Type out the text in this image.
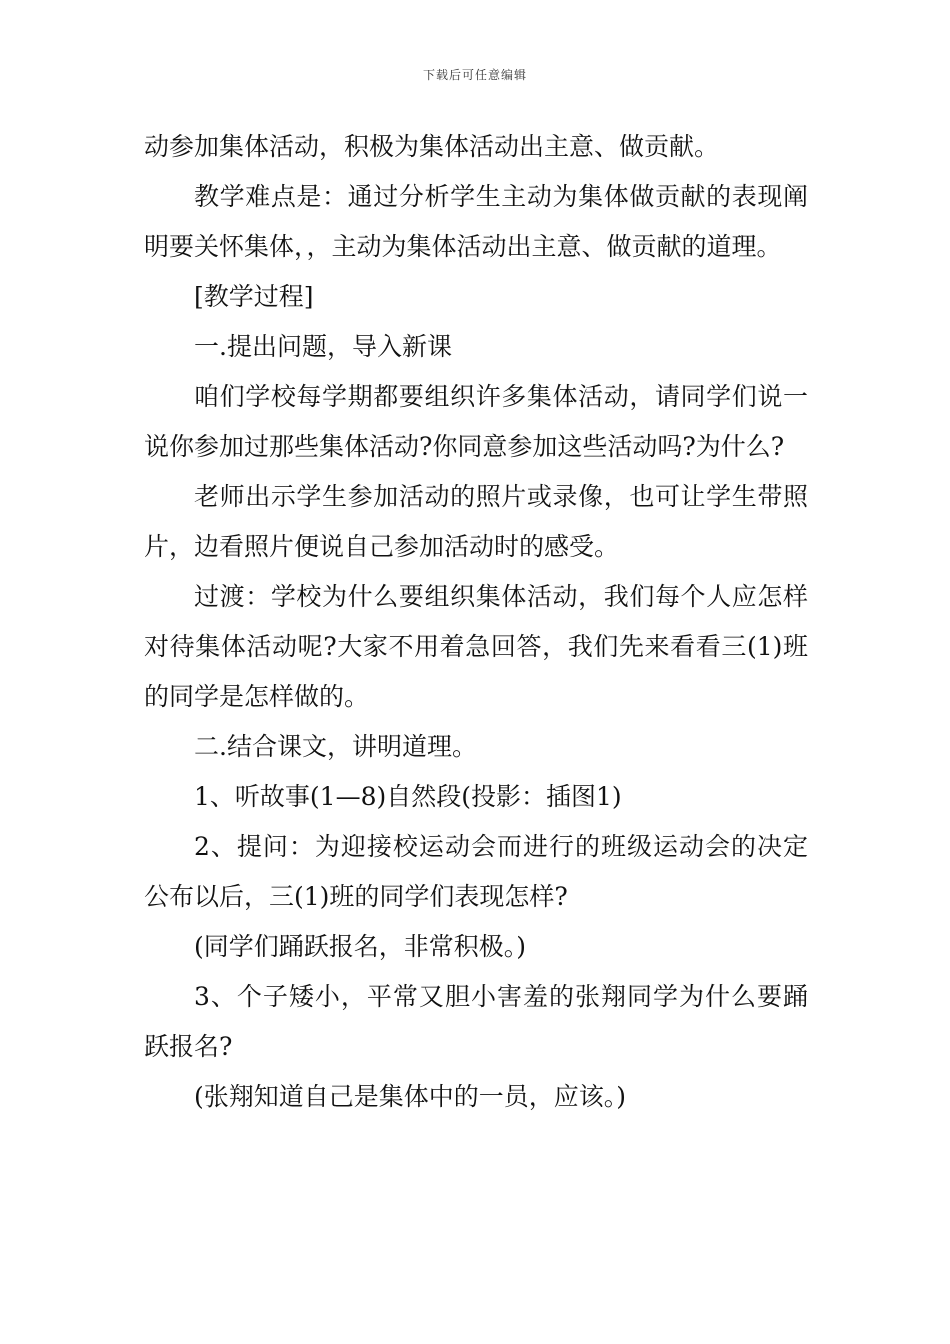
下载后可任意编辑

动参加集体活动，积极为集体活动出主意、做贡献。

教学难点是：通过分析学生主动为集体做贡献的表现阐明要关怀集体，，主动为集体活动出主意、做贡献的道理。

[教学过程]

一.提出问题，导入新课

咱们学校每学期都要组织许多集体活动，请同学们说一说你参加过那些集体活动?你同意参加这些活动吗?为什么?

老师出示学生参加活动的照片或录像，也可让学生带照片，边看照片便说自己参加活动时的感受。

过渡：学校为什么要组织集体活动，我们每个人应怎样对待集体活动呢?大家不用着急回答，我们先来看看三(1)班的同学是怎样做的。

二.结合课文，讲明道理。

1、听故事(1—8)自然段(投影：插图1)

2、提问：为迎接校运动会而进行的班级运动会的决定公布以后，三(1)班的同学们表现怎样?

(同学们踊跃报名，非常积极。)

3、个子矮小，平常又胆小害羞的张翔同学为什么要踊跃报名?

(张翔知道自己是集体中的一员，应该。)
